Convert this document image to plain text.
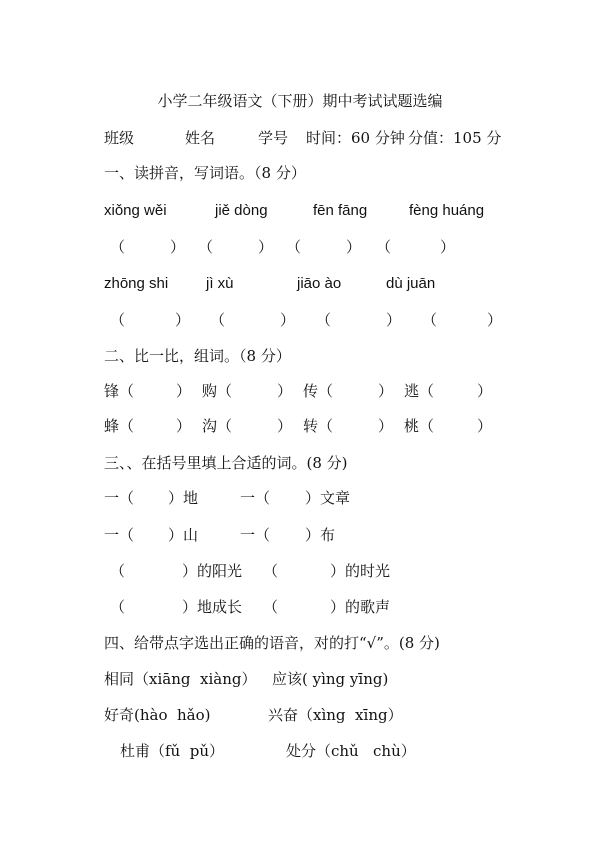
小学二年级语文（下册）期中考试试题选编
班级	姓名	学号 时间：60 分钟 分值：105 分
一、读拼音，写词语。（8 分）
xiǒng wěi	jiě dòng	fēn fāng	fèng huáng
（	） （	） （	） （	）
zhōng shi	jì xù	jiāo ào	dù juān
（	） （	） （	） （	）
二、比一比，组词。（8 分）
锋（	） 购（	） 传（	） 逃（	）
蜂（	） 沟（	） 转（	） 桃（	）
三、、在括号里填上合适的词。(8 分)
一（ ）地	一（ ）文章
一（ ）山	一（ ）布
（	）的阳光 （	）的时光
（	）地成长 （	）的歌声
四、给带点字选出正确的语音，对的打“√”。(8 分)
相同（xiāng  xiàng） 应该( yìng yīng)
好奇(hào  hǎo)	兴奋（xìng  xīng）
杜甫（fǔ  pǔ）	处分（chǔ   chù）
